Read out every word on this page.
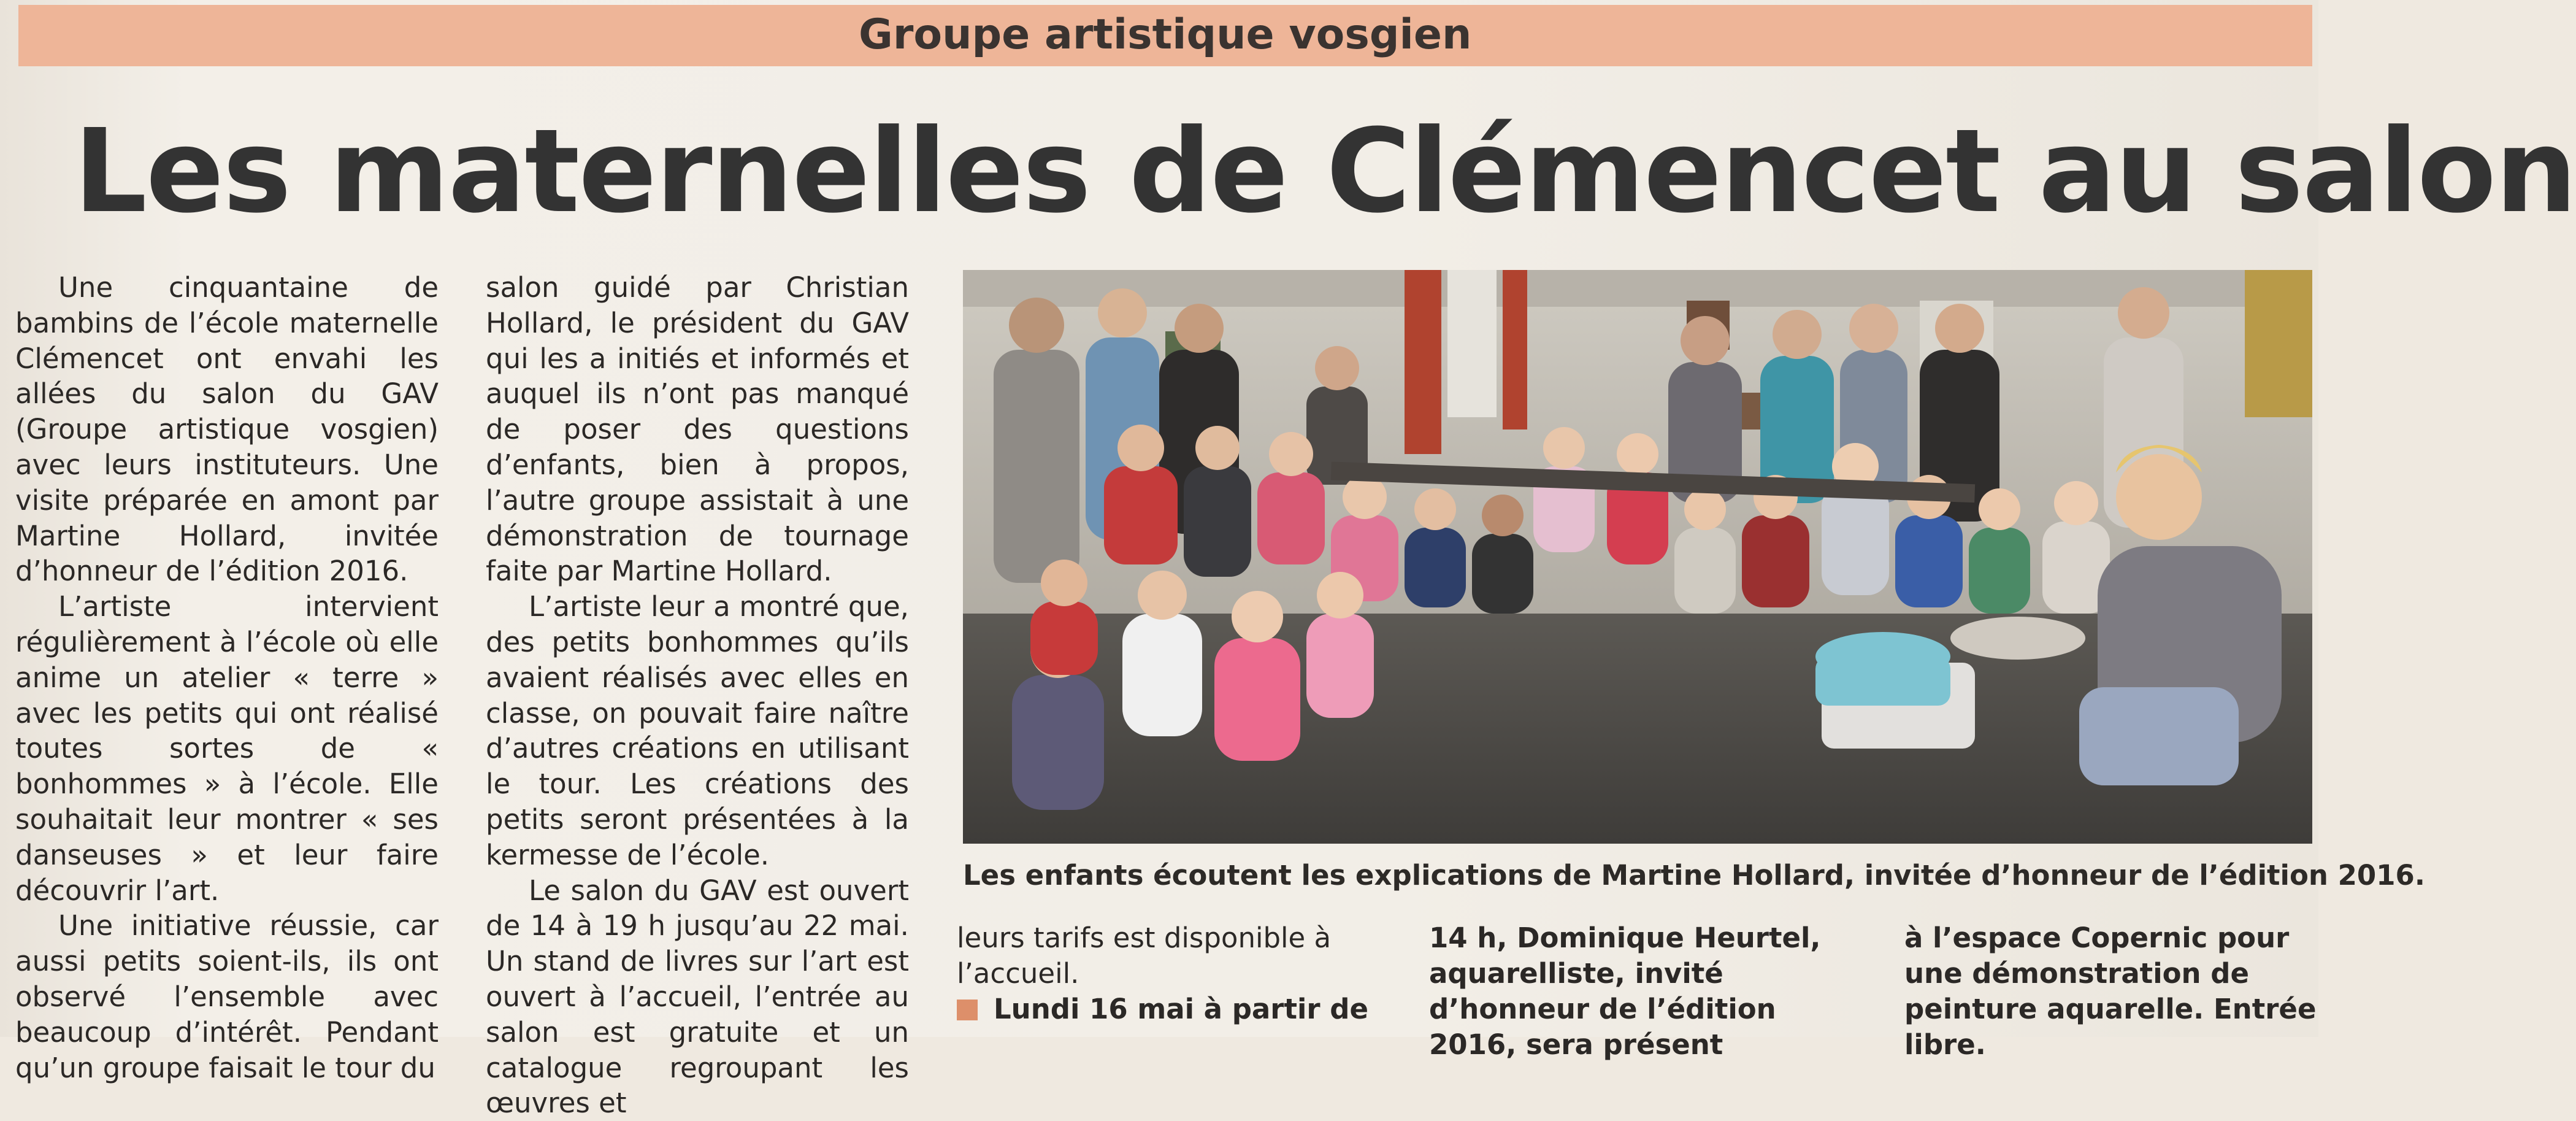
Groupe artistique vosgien
Les maternelles de Clémencet au salon

Une cinquantaine de bambins de l’école maternelle Clémencet ont envahi les allées du salon du GAV (Groupe artistique vosgien) avec leurs instituteurs. Une visite préparée en amont par Martine Hollard, invitée d’honneur de l’édition 2016.

L’artiste intervient régulièrement à l’école où elle anime un atelier « terre » avec les petits qui ont réalisé toutes sortes de « bonhommes » à l’école. Elle souhaitait leur montrer « ses danseuses » et leur faire découvrir l’art.

Une initiative réussie, car aussi petits soient-ils, ils ont observé l’ensemble avec beaucoup d’intérêt. Pendant qu’un groupe faisait le tour du

salon guidé par Christian Hollard, le président du GAV qui les a initiés et informés et auquel ils n’ont pas manqué de poser des questions d’enfants, bien à propos, l’autre groupe assistait à une démonstration de tournage faite par Martine Hollard.

L’artiste leur a montré que, des petits bonhommes qu’ils avaient réalisés avec elles en classe, on pouvait faire naître d’autres créations en utilisant le tour. Les créations des petits seront présentées à la kermesse de l’école.

Le salon du GAV est ouvert de 14 à 19 h jusqu’au 22 mai. Un stand de livres sur l’art est ouvert à l’accueil, l’entrée au salon est gratuite et un catalogue regroupant les œuvres et

Les enfants écoutent les explications de Martine Hollard, invitée d’honneur de l’édition 2016.
leurs tarifs est disponible à l’accueil.
Lundi 16 mai à partir de
14 h, Dominique Heurtel, aquarelliste, invité d’honneur de l’édition 2016, sera présent
à l’espace Copernic pour une démonstration de peinture aquarelle. Entrée libre.
